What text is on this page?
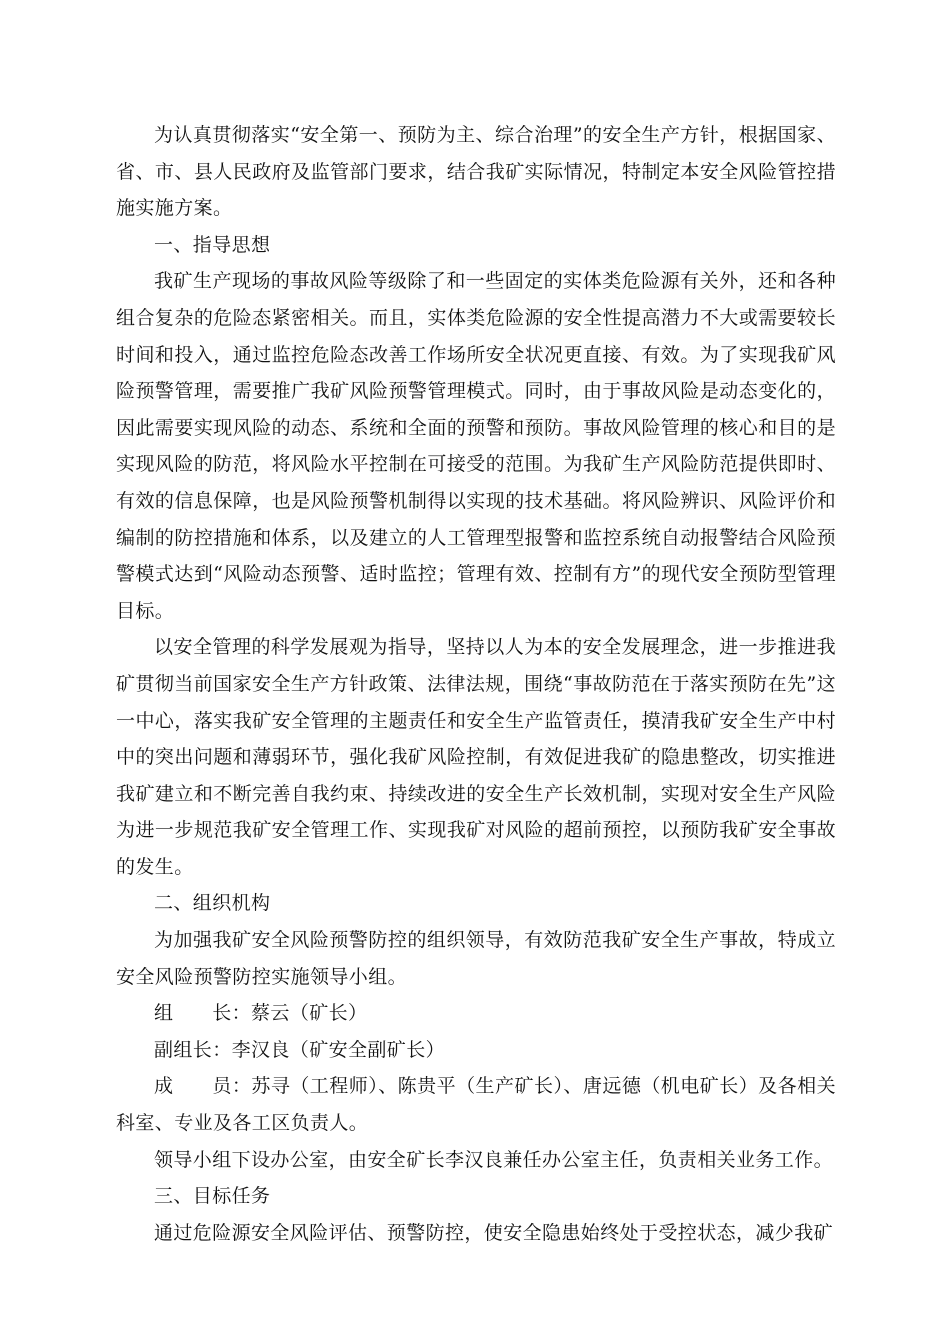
为认真贯彻落实“安全第一、预防为主、综合治理”的安全生产方针，根据国家、省、市、县人民政府及监管部门要求，结合我矿实际情况，特制定本安全风险管控措施实施方案。

一、指导思想

我矿生产现场的事故风险等级除了和一些固定的实体类危险源有关外，还和各种组合复杂的危险态紧密相关。而且，实体类危险源的安全性提高潜力不大或需要较长时间和投入，通过监控危险态改善工作场所安全状况更直接、有效。为了实现我矿风险预警管理，需要推广我矿风险预警管理模式。同时，由于事故风险是动态变化的，因此需要实现风险的动态、系统和全面的预警和预防。事故风险管理的核心和目的是实现风险的防范，将风险水平控制在可接受的范围。为我矿生产风险防范提供即时、有效的信息保障，也是风险预警机制得以实现的技术基础。将风险辨识、风险评价和编制的防控措施和体系，以及建立的人工管理型报警和监控系统自动报警结合风险预警模式达到“风险动态预警、适时监控；管理有效、控制有方”的现代安全预防型管理目标。

以安全管理的科学发展观为指导，坚持以人为本的安全发展理念，进一步推进我矿贯彻当前国家安全生产方针政策、法律法规，围绕“事故防范在于落实预防在先”这一中心，落实我矿安全管理的主题责任和安全生产监管责任，摸清我矿安全生产中村中的突出问题和薄弱环节，强化我矿风险控制，有效促进我矿的隐患整改，切实推进我矿建立和不断完善自我约束、持续改进的安全生产长效机制，实现对安全生产风险为进一步规范我矿安全管理工作、实现我矿对风险的超前预控，以预防我矿安全事故的发生。

二、组织机构

为加强我矿安全风险预警防控的组织领导，有效防范我矿安全生产事故，特成立安全风险预警防控实施领导小组。

组　　长：蔡云（矿长）

副组长：李汉良（矿安全副矿长）

成　　员：苏寻（工程师）、陈贵平（生产矿长）、唐远德（机电矿长）及各相关科室、专业及各工区负责人。

领导小组下设办公室，由安全矿长李汉良兼任办公室主任，负责相关业务工作。

三、目标任务

通过危险源安全风险评估、预警防控，使安全隐患始终处于受控状态，减少我矿
